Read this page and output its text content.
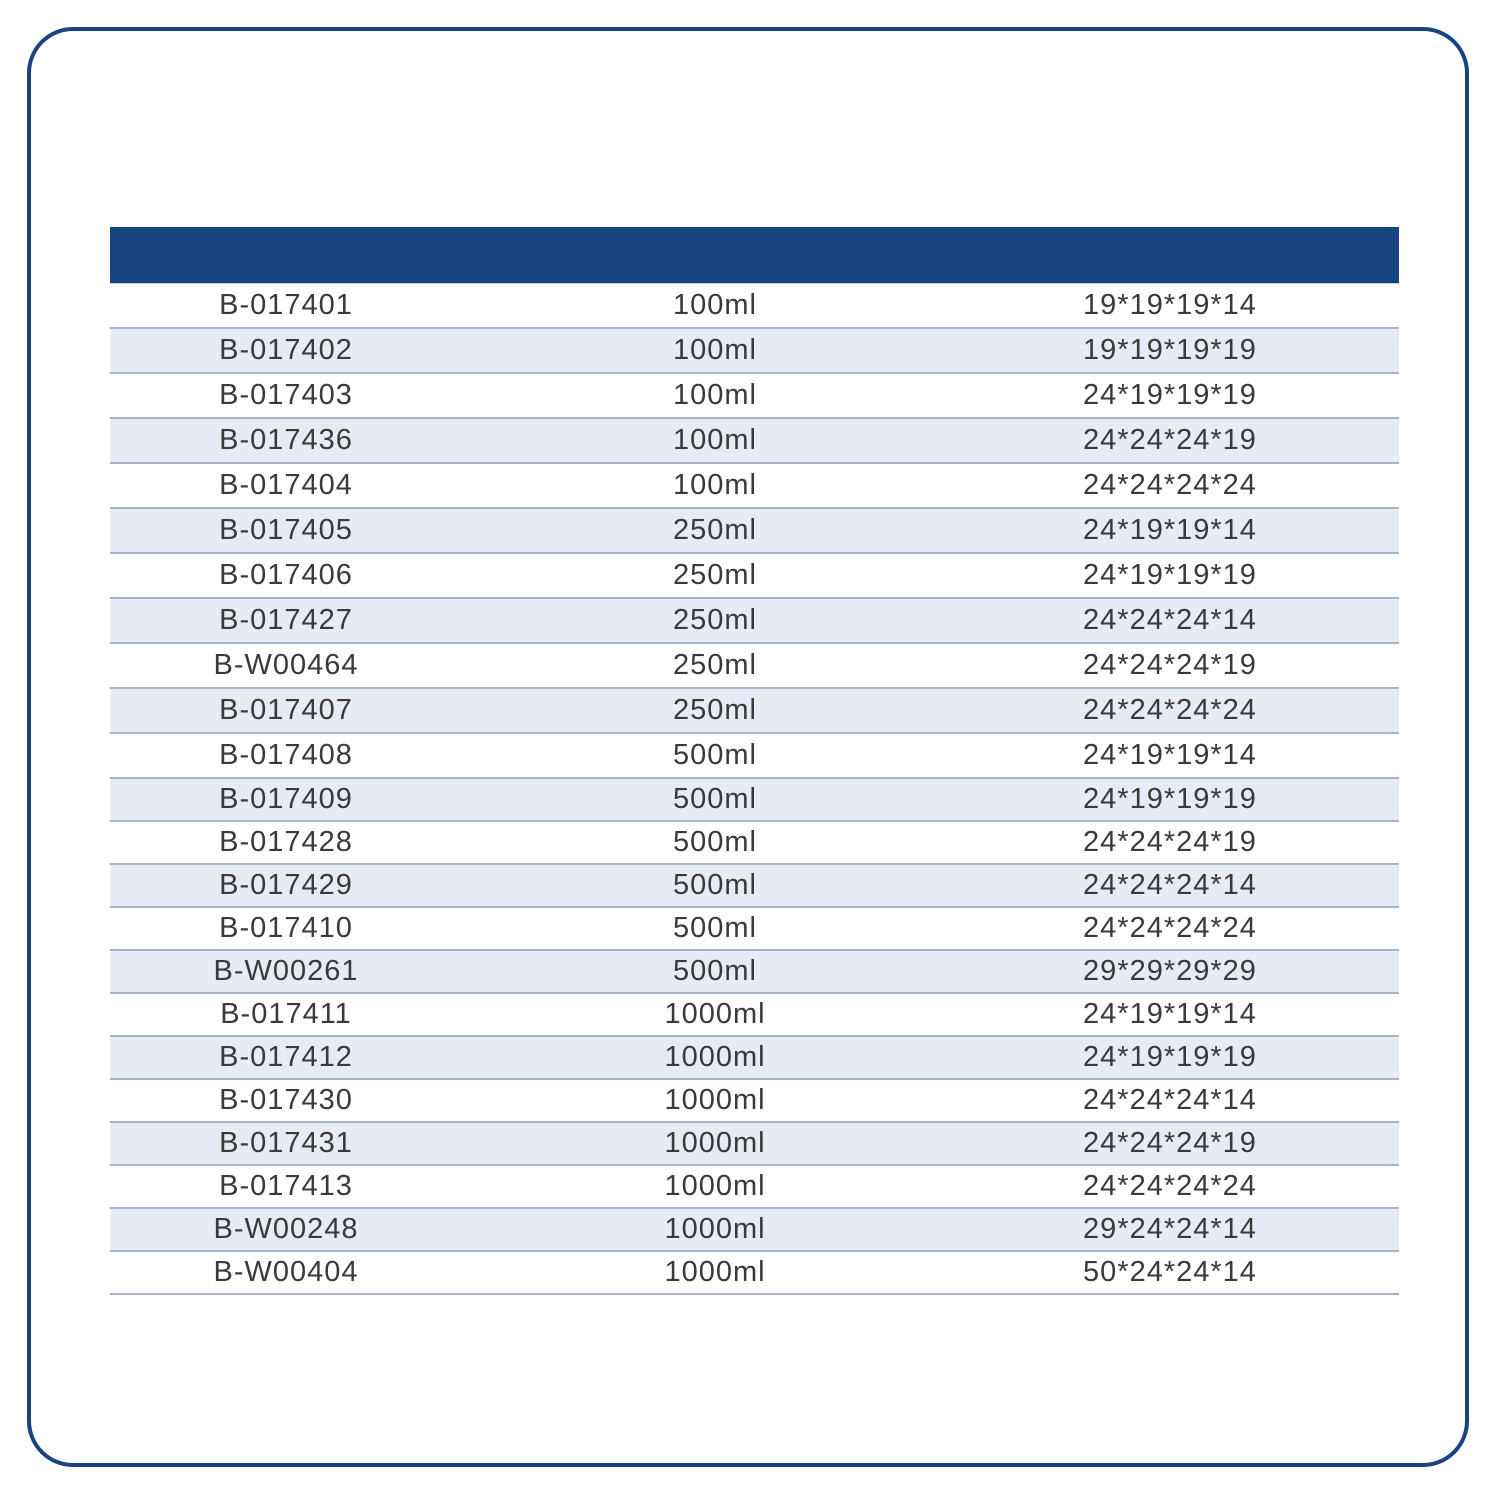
B-017401	100ml	19*19*19*14
B-017402	100ml	19*19*19*19
B-017403	100ml	24*19*19*19
B-017436	100ml	24*24*24*19
B-017404	100ml	24*24*24*24
B-017405	250ml	24*19*19*14
B-017406	250ml	24*19*19*19
B-017427	250ml	24*24*24*14
B-W00464	250ml	24*24*24*19
B-017407	250ml	24*24*24*24
B-017408	500ml	24*19*19*14
B-017409	500ml	24*19*19*19
B-017428	500ml	24*24*24*19
B-017429	500ml	24*24*24*14
B-017410	500ml	24*24*24*24
B-W00261	500ml	29*29*29*29
B-017411	1000ml	24*19*19*14
B-017412	1000ml	24*19*19*19
B-017430	1000ml	24*24*24*14
B-017431	1000ml	24*24*24*19
B-017413	1000ml	24*24*24*24
B-W00248	1000ml	29*24*24*14
B-W00404	1000ml	50*24*24*14
